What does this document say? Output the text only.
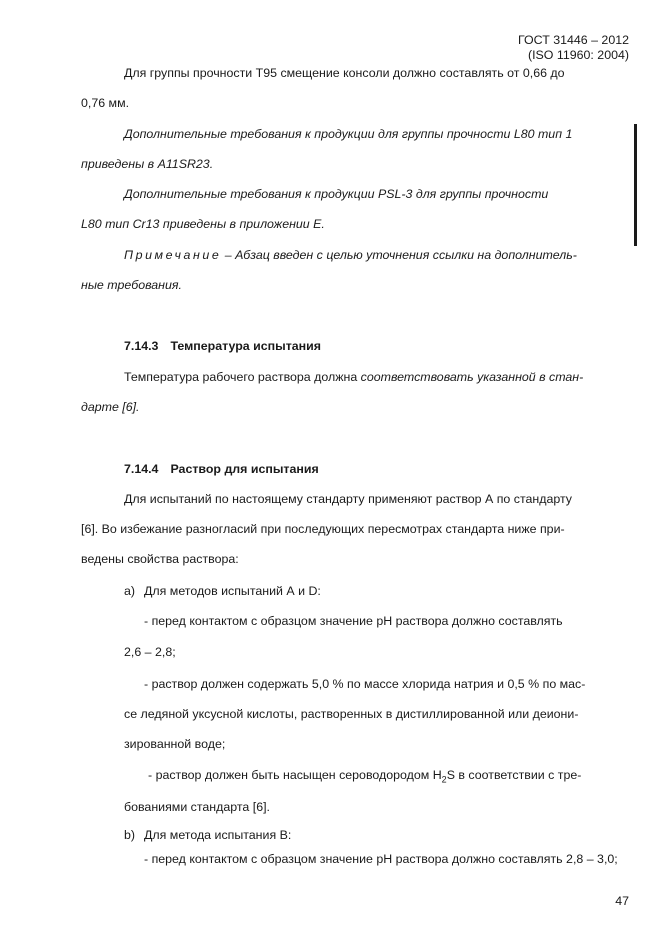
ГОСТ 31446 – 2012
(ISO 11960: 2004)
Для группы прочности Т95 смещение консоли должно составлять от 0,66 до
0,76 мм.
Дополнительные требования к продукции для группы прочности L80 тип 1
приведены в А11SR23.
Дополнительные требования к продукции PSL-3 для группы прочности
L80 тип Cr13 приведены в приложении Е.
Примечание – Абзац введен с целью уточнения ссылки на дополнитель-
ные требования.
7.14.3 Температура испытания
Температура рабочего раствора должна соответствовать указанной в стан-
дарте [6].
7.14.4 Раствор для испытания
Для испытаний по настоящему стандарту применяют раствор А по стандарту
[6]. Во избежание разногласий при последующих пересмотрах стандарта ниже при-
ведены свойства раствора:
а) Для методов испытаний А и D:
- перед контактом с образцом значение pH раствора должно составлять
2,6 – 2,8;
- раствор должен содержать 5,0 % по массе хлорида натрия и 0,5 % по мас-
се ледяной уксусной кислоты, растворенных в дистиллированной или деиони-
зированной воде;
- раствор должен быть насыщен сероводородом $H_2S$ в соответствии с тре-
бованиями стандарта [6].
b) Для метода испытания В:
- перед контактом с образцом значение pH раствора должно составлять 2,8 – 3,0;
47
